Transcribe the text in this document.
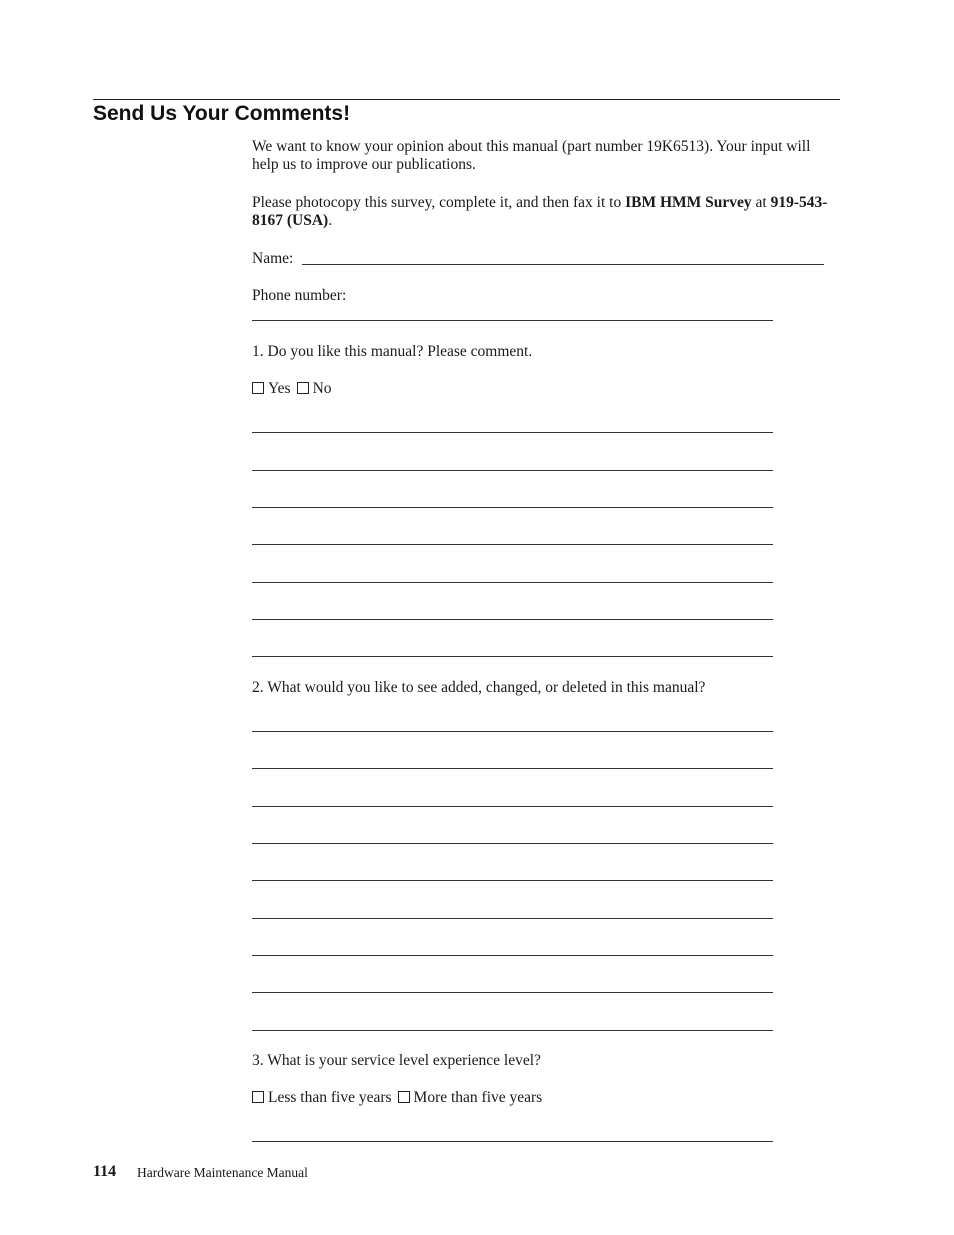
Send Us Your Comments!

We want to know your opinion about this manual (part number 19K6513). Your input will help us to improve our publications.

Please photocopy this survey, complete it, and then fax it to IBM HMM Survey at 919-543-8167 (USA).

Name:

Phone number:

1. Do you like this manual? Please comment.

Yes No

2. What would you like to see added, changed, or deleted in this manual?

3. What is your service level experience level?

Less than five years More than five years

114 Hardware Maintenance Manual
